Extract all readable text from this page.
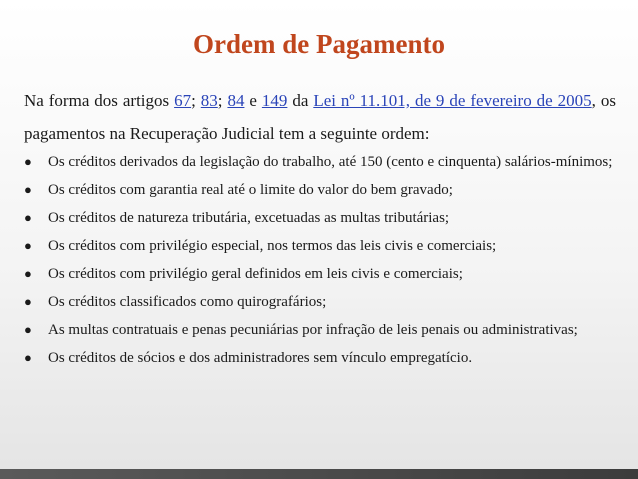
Ordem de Pagamento
Na forma dos artigos 67; 83; 84 e 149 da Lei nº 11.101, de 9 de fevereiro de 2005, os pagamentos na Recuperação Judicial tem a seguinte ordem:
●	Os créditos derivados da legislação do trabalho, até 150 (cento e cinquenta) salários-mínimos;
●	Os créditos com garantia real até o limite do valor do bem gravado;
●	Os créditos de natureza tributária, excetuadas as multas tributárias;
●	Os créditos com privilégio especial, nos termos das leis civis e comerciais;
●	Os créditos com privilégio geral definidos em leis civis e comerciais;
●	Os créditos classificados como quirografários;
●	As multas contratuais e penas pecuniárias por infração de leis penais ou administrativas;
●	Os créditos de sócios e dos administradores sem vínculo empregatício.
